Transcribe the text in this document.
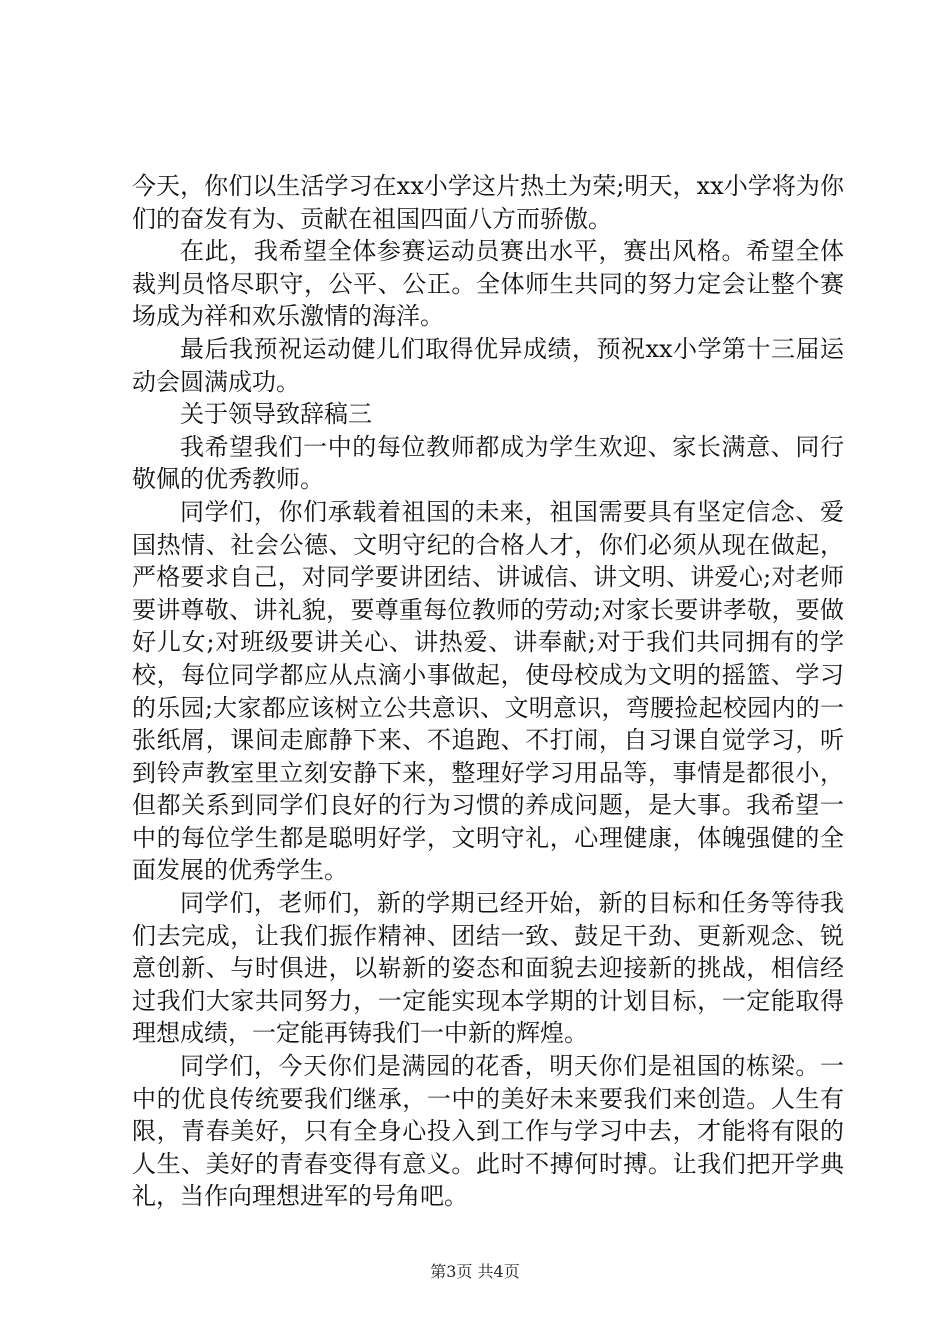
今天，你们以生活学习在xx小学这片热土为荣;明天，xx小学将为你们的奋发有为、贡献在祖国四面八方而骄傲。

在此，我希望全体参赛运动员赛出水平，赛出风格。希望全体裁判员恪尽职守，公平、公正。全体师生共同的努力定会让整个赛场成为祥和欢乐激情的海洋。

最后我预祝运动健儿们取得优异成绩，预祝xx小学第十三届运动会圆满成功。

关于领导致辞稿三

我希望我们一中的每位教师都成为学生欢迎、家长满意、同行敬佩的优秀教师。

同学们，你们承载着祖国的未来，祖国需要具有坚定信念、爱国热情、社会公德、文明守纪的合格人才，你们必须从现在做起，严格要求自己，对同学要讲团结、讲诚信、讲文明、讲爱心;对老师要讲尊敬、讲礼貌，要尊重每位教师的劳动;对家长要讲孝敬，要做好儿女;对班级要讲关心、讲热爱、讲奉献;对于我们共同拥有的学校，每位同学都应从点滴小事做起，使母校成为文明的摇篮、学习的乐园;大家都应该树立公共意识、文明意识，弯腰捡起校园内的一张纸屑，课间走廊静下来、不追跑、不打闹，自习课自觉学习，听到铃声教室里立刻安静下来，整理好学习用品等，事情是都很小，但都关系到同学们良好的行为习惯的养成问题，是大事。我希望一中的每位学生都是聪明好学，文明守礼，心理健康，体魄强健的全面发展的优秀学生。

同学们，老师们，新的学期已经开始，新的目标和任务等待我们去完成，让我们振作精神、团结一致、鼓足干劲、更新观念、锐意创新、与时俱进，以崭新的姿态和面貌去迎接新的挑战，相信经过我们大家共同努力，一定能实现本学期的计划目标，一定能取得理想成绩，一定能再铸我们一中新的辉煌。

同学们，今天你们是满园的花香，明天你们是祖国的栋梁。一中的优良传统要我们继承，一中的美好未来要我们来创造。人生有限，青春美好，只有全身心投入到工作与学习中去，才能将有限的人生、美好的青春变得有意义。此时不搏何时搏。让我们把开学典礼，当作向理想进军的号角吧。

第3页 共4页
